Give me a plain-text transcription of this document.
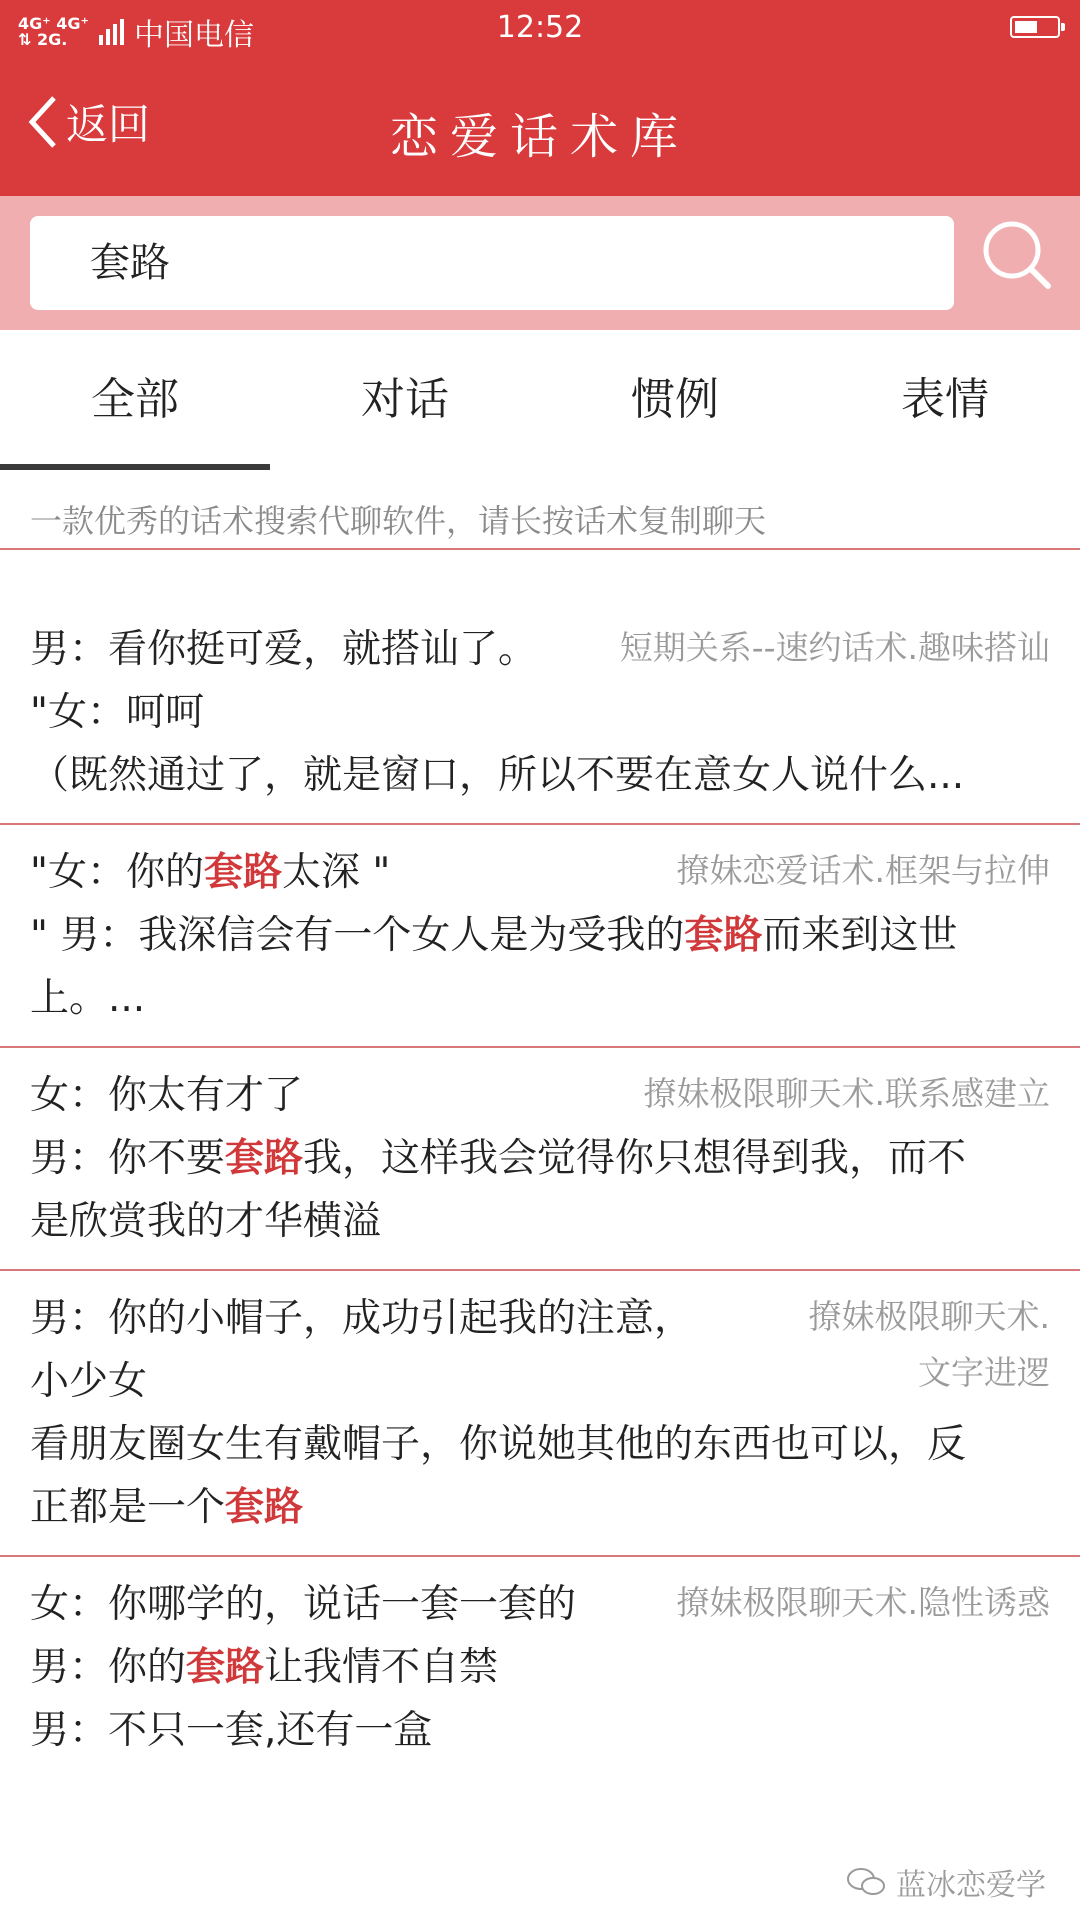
4G⁺ 4G⁺
⇅ 2G.	中国电信	12:52
返回	恋爱话术库
套路
全部	对话	惯例	表情
一款优秀的话术搜索代聊软件，请长按话术复制聊天
短期关系--速约话术.趣味搭讪
男：看你挺可爱，就搭讪了。
"女：呵呵
（既然通过了，就是窗口，所以不要在意女人说什么...
撩妹恋爱话术.框架与拉伸
"女：你的套路太深 "
" 男：我深信会有一个女人是为受我的套路而来到这世
上。...
撩妹极限聊天术.联系感建立
女：你太有才了
男：你不要套路我，这样我会觉得你只想得到我，而不
是欣赏我的才华横溢
撩妹极限聊天术.
文字进逻
男：你的小帽子，成功引起我的注意，
小少女
看朋友圈女生有戴帽子，你说她其他的东西也可以，反
正都是一个套路
撩妹极限聊天术.隐性诱惑
女：你哪学的，说话一套一套的
男：你的套路让我情不自禁
男：不只一套,还有一盒
蓝冰恋爱学
